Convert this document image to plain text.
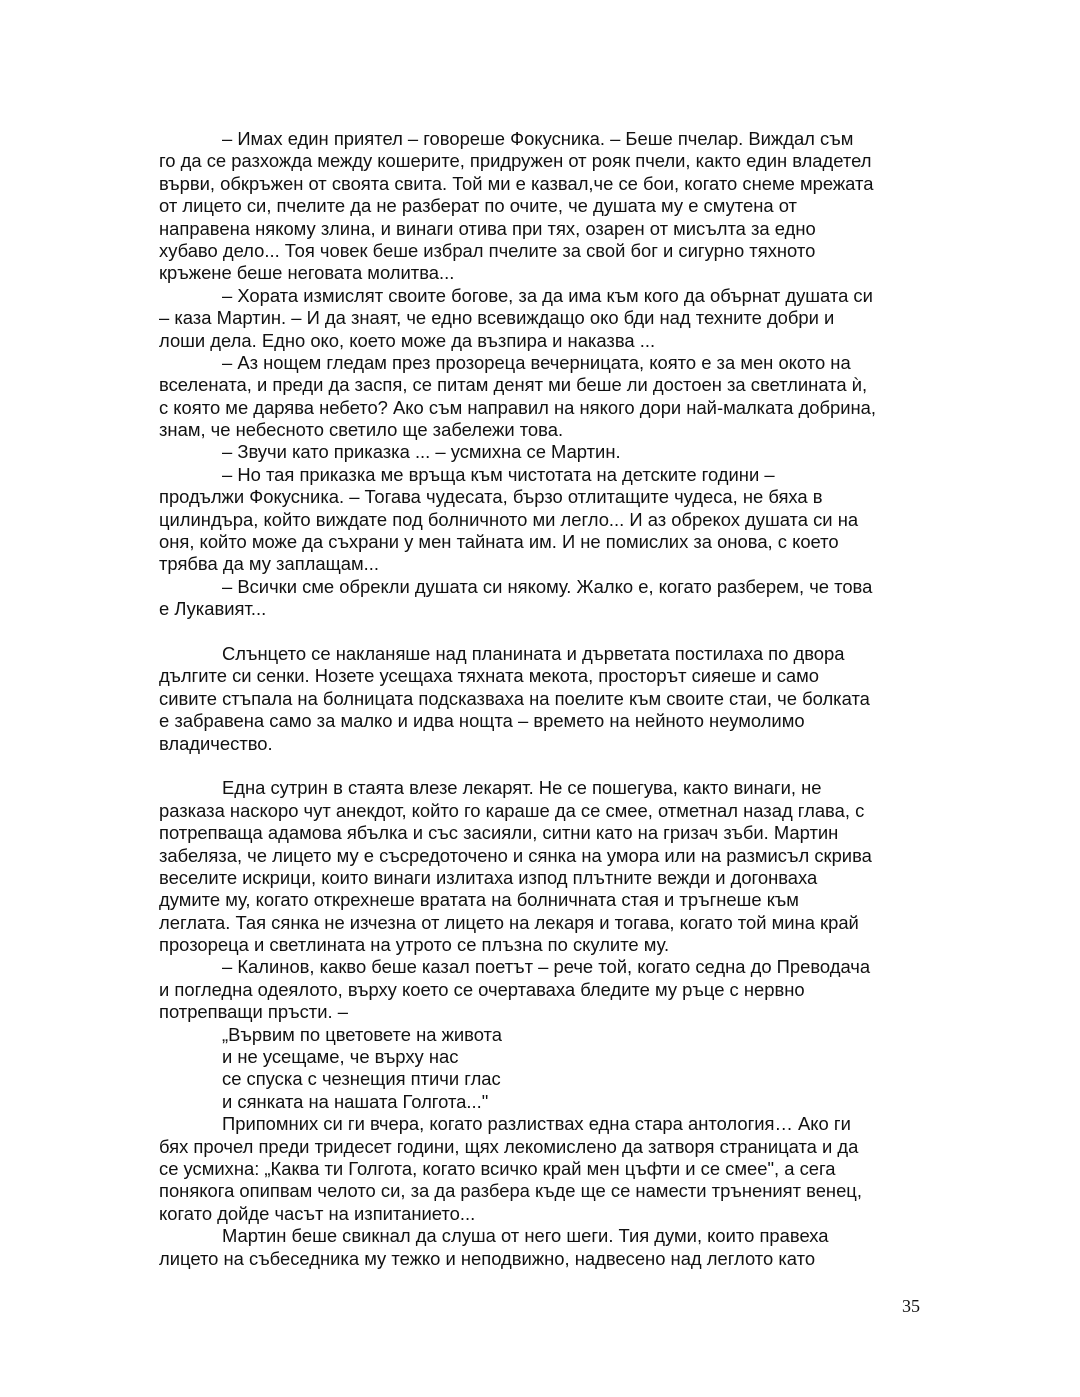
– Имах един приятел – говореше Фокусника. – Беше пчелар. Виждал съм
го да се разхожда между кошерите, придружен от рояк пчели, както един владетел
върви, обкръжен от своята свита. Той ми е казвал,че се бои, когато снеме мрежата
от лицето си, пчелите да не разберат по очите, че душата му е смутена от
направена някому злина, и винаги отива при тях, озарен от мисълта за едно
хубаво дело... Тоя човек беше избрал пчелите за свой бог и сигурно тяхното
кръжене беше неговата молитва...
– Хората измислят своите богове, за да има към кого да обърнат душата си
– каза Мартин. – И да знаят, че едно всевиждащо око бди над техните добри и
лоши дела. Едно око, което може да възпира и наказва ...
– Аз нощем гледам през прозореца вечерницата, която е за мен окото на
вселената, и преди да заспя, се питам денят ми беше ли достоен за светлината ѝ,
с която ме дарява небето? Ако съм направил на някого дори най-малката добрина,
знам, че небесното светило ще забележи това.
– Звучи като приказка ... – усмихна се Мартин.
– Но тая приказка ме връща към чистотата на детските години –
продължи Фокусника. – Тогава чудесата, бързо отлитащите чудеса, не бяха в
цилиндъра, който виждате под болничното ми легло... И аз обрекох душата си на
оня, който може да съхрани у мен тайната им. И не помислих за онова, с което
трябва да му заплащам...
– Всички сме обрекли душата си някому. Жалко е, когато разберем, че това
е Лукавият...
Слънцето се накланяше над планината и дърветата постилаха по двора
дългите си сенки. Нозете усещаха тяхната мекота, просторът сияеше и само
сивите стъпала на болницата подсказваха на поелите към своите стаи, че болката
е забравена само за малко и идва нощта – времето на нейното неумолимо
владичество.
Една сутрин в стаята влезе лекарят. Не се пошегува, както винаги, не
разказа наскоро чут анекдот, който го караше да се смее, отметнал назад глава, с
потрепваща адамова ябълка и със засияли, ситни като на гризач зъби. Мартин
забеляза, че лицето му е съсредоточено и сянка на умора или на размисъл скрива
веселите искрици, които винаги излитаха изпод плътните вежди и догонваха
думите му, когато открехнеше вратата на болничната стая и тръгнеше към
леглата. Тая сянка не изчезна от лицето на лекаря и тогава, когато той мина край
прозореца и светлината на утрото се плъзна по скулите му.
– Калинов, какво беше казал поетът – рече той, когато седна до Преводача
и погледна одеялото, върху което се очертаваха бледите му ръце с нервно
потрепващи пръсти. –
„Вървим по цветовете на живота
и не усещаме, че върху нас
се спуска с чезнещия птичи глас
и сянката на нашата Голгота..."
Припомних си ги вчера, когато разлиствах една стара антология… Ако ги
бях прочел преди тридесет години, щях лекомислено да затворя страницата и да
се усмихна: „Каква ти Голгота, когато всичко край мен цъфти и се смее", а сега
понякога опипвам челото си, за да разбера къде ще се намести трънeният венец,
когато дойде часът на изпитанието...
Мартин беше свикнал да слуша от него шеги. Тия думи, които правеха
лицето на събеседника му тежко и неподвижно, надвесено над леглото като
35
